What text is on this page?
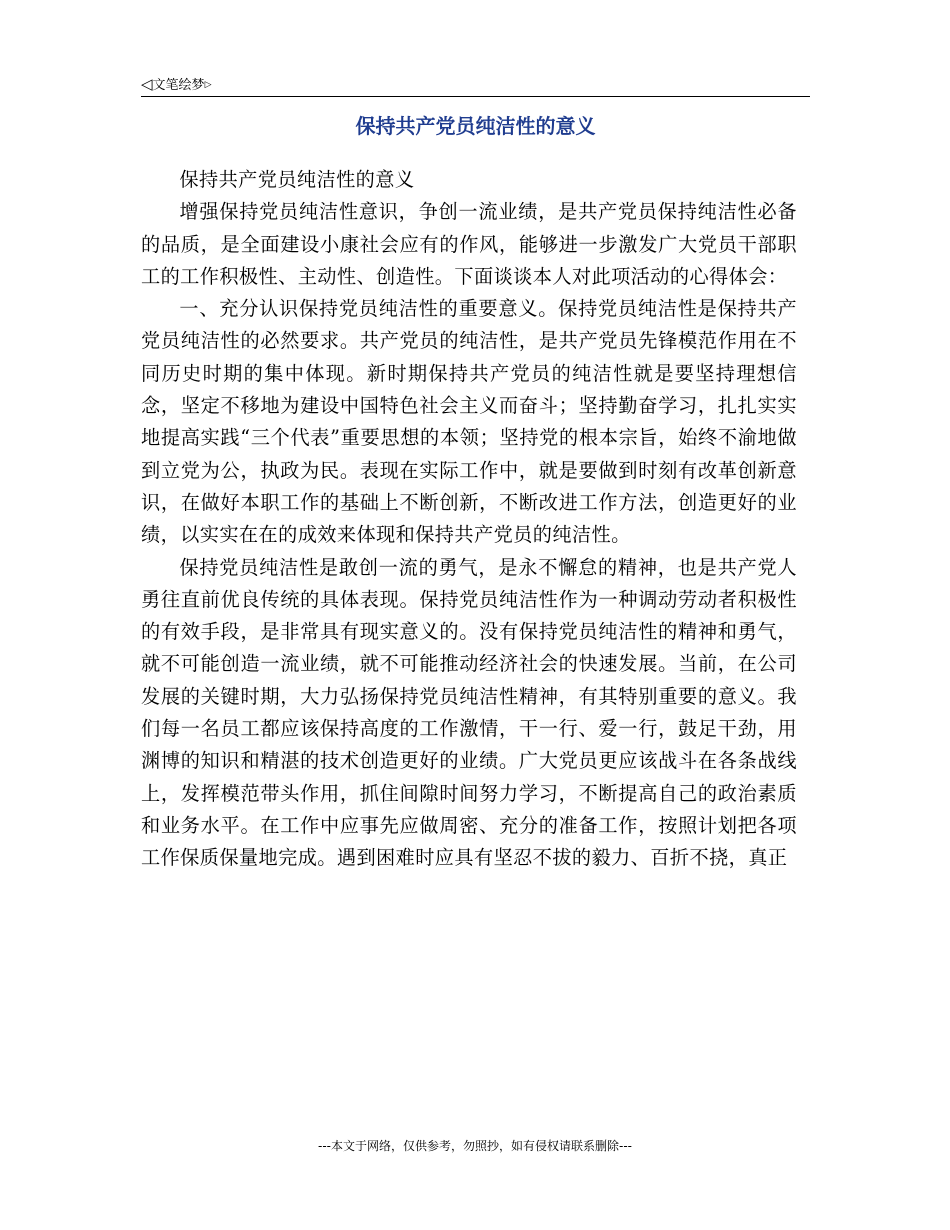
◁文笔绘梦▷
保持共产党员纯洁性的意义

保持共产党员纯洁性的意义

增强保持党员纯洁性意识，争创一流业绩，是共产党员保持纯洁性必备的品质，是全面建设小康社会应有的作风，能够进一步激发广大党员干部职工的工作积极性、主动性、创造性。下面谈谈本人对此项活动的心得体会：

一、充分认识保持党员纯洁性的重要意义。保持党员纯洁性是保持共产党员纯洁性的必然要求。共产党员的纯洁性，是共产党员先锋模范作用在不同历史时期的集中体现。新时期保持共产党员的纯洁性就是要坚持理想信念，坚定不移地为建设中国特色社会主义而奋斗；坚持勤奋学习，扎扎实实地提高实践“三个代表”重要思想的本领；坚持党的根本宗旨，始终不渝地做到立党为公，执政为民。表现在实际工作中，就是要做到时刻有改革创新意识，在做好本职工作的基础上不断创新，不断改进工作方法，创造更好的业绩，以实实在在的成效来体现和保持共产党员的纯洁性。

保持党员纯洁性是敢创一流的勇气，是永不懈怠的精神，也是共产党人勇往直前优良传统的具体表现。保持党员纯洁性作为一种调动劳动者积极性的有效手段，是非常具有现实意义的。没有保持党员纯洁性的精神和勇气，就不可能创造一流业绩，就不可能推动经济社会的快速发展。当前，在公司发展的关键时期，大力弘扬保持党员纯洁性精神，有其特别重要的意义。我们每一名员工都应该保持高度的工作激情，干一行、爱一行，鼓足干劲，用渊博的知识和精湛的技术创造更好的业绩。广大党员更应该战斗在各条战线上，发挥模范带头作用，抓住间隙时间努力学习，不断提高自己的政治素质和业务水平。在工作中应事先应做周密、充分的准备工作，按照计划把各项工作保质保量地完成。遇到困难时应具有坚忍不拔的毅力、百折不挠，真正

---本文于网络，仅供参考，勿照抄，如有侵权请联系删除---
